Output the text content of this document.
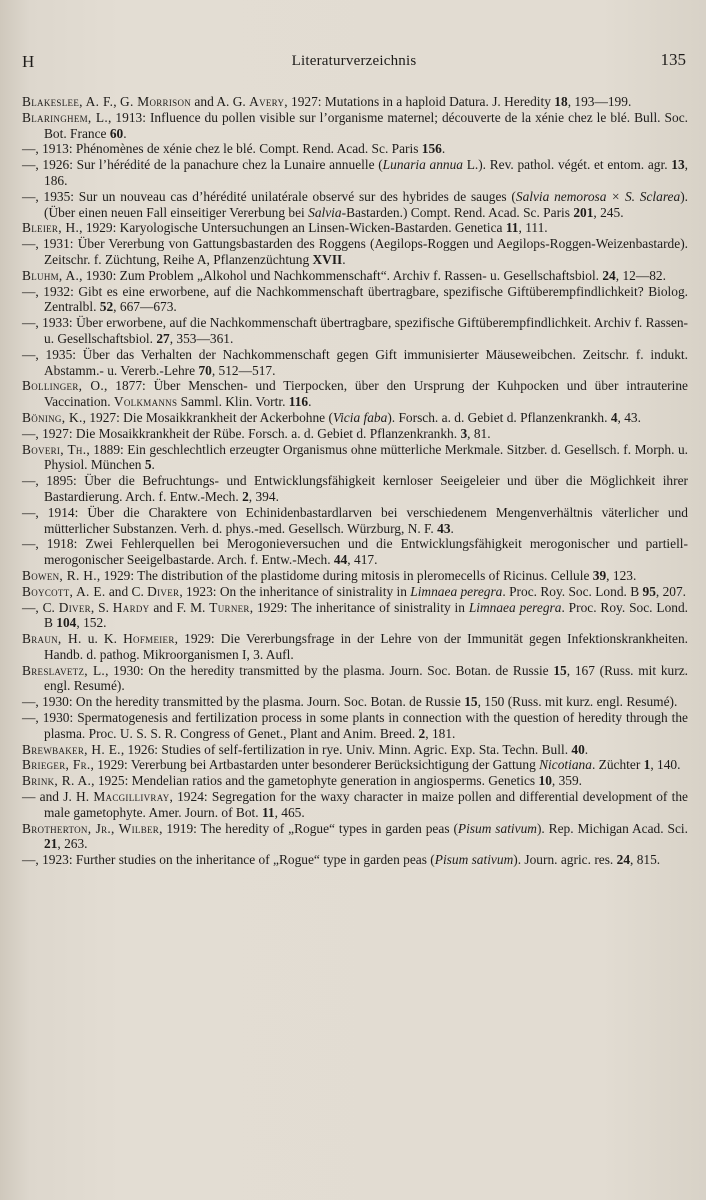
H	Literaturverzeichnis	135

Blakeslee, A. F., G. Morrison and A. G. Avery, 1927: Mutations in a haploid Datura. J. Heredity 18, 193—199.

Blaringhem, L., 1913: Influence du pollen visible sur l’organisme maternel; découverte de la xénie chez le blé. Bull. Soc. Bot. France 60.

—, 1913: Phénomènes de xénie chez le blé. Compt. Rend. Acad. Sc. Paris 156.

—, 1926: Sur l’hérédité de la panachure chez la Lunaire annuelle (Lunaria annua L.). Rev. pathol. végét. et entom. agr. 13, 186.

—, 1935: Sur un nouveau cas d’hérédité unilatérale observé sur des hybrides de sauges (Salvia nemorosa × S. Sclarea). (Über einen neuen Fall einseitiger Vererbung bei Salvia-Bastarden.) Compt. Rend. Acad. Sc. Paris 201, 245.

Bleier, H., 1929: Karyologische Untersuchungen an Linsen-Wicken-Bastarden. Genetica 11, 111.

—, 1931: Über Vererbung von Gattungsbastarden des Roggens (Aegilops-Roggen und Aegilops-Roggen-Weizenbastarde). Zeitschr. f. Züchtung, Reihe A, Pflanzenzüchtung XVII.

Bluhm, A., 1930: Zum Problem „Alkohol und Nachkommenschaft“. Archiv f. Rassen- u. Gesellschaftsbiol. 24, 12—82.

—, 1932: Gibt es eine erworbene, auf die Nachkommenschaft übertragbare, spezifische Giftüberempfindlichkeit? Biolog. Zentralbl. 52, 667—673.

—, 1933: Über erworbene, auf die Nachkommenschaft übertragbare, spezifische Giftüberempfindlichkeit. Archiv f. Rassen- u. Gesellschaftsbiol. 27, 353—361.

—, 1935: Über das Verhalten der Nachkommenschaft gegen Gift immunisierter Mäuseweibchen. Zeitschr. f. indukt. Abstamm.- u. Vererb.-Lehre 70, 512—517.

Bollinger, O., 1877: Über Menschen- und Tierpocken, über den Ursprung der Kuhpocken und über intrauterine Vaccination. Volkmanns Samml. Klin. Vortr. 116.

Böning, K., 1927: Die Mosaikkrankheit der Ackerbohne (Vicia faba). Forsch. a. d. Gebiet d. Pflanzenkrankh. 4, 43.

—, 1927: Die Mosaikkrankheit der Rübe. Forsch. a. d. Gebiet d. Pflanzenkrankh. 3, 81.

Boveri, Th., 1889: Ein geschlechtlich erzeugter Organismus ohne mütterliche Merkmale. Sitzber. d. Gesellsch. f. Morph. u. Physiol. München 5.

—, 1895: Über die Befruchtungs- und Entwicklungsfähigkeit kernloser Seeigeleier und über die Möglichkeit ihrer Bastardierung. Arch. f. Entw.-Mech. 2, 394.

—, 1914: Über die Charaktere von Echinidenbastardlarven bei verschiedenem Mengenverhältnis väterlicher und mütterlicher Substanzen. Verh. d. phys.-med. Gesellsch. Würzburg, N. F. 43.

—, 1918: Zwei Fehlerquellen bei Merogonieversuchen und die Entwicklungsfähigkeit merogonischer und partiell-merogonischer Seeigelbastarde. Arch. f. Entw.-Mech. 44, 417.

Bowen, R. H., 1929: The distribution of the plastidome during mitosis in pleromecells of Ricinus. Cellule 39, 123.

Boycott, A. E. and C. Diver, 1923: On the inheritance of sinistrality in Limnaea peregra. Proc. Roy. Soc. Lond. B 95, 207.

—, C. Diver, S. Hardy and F. M. Turner, 1929: The inheritance of sinistrality in Limnaea peregra. Proc. Roy. Soc. Lond. B 104, 152.

Braun, H. u. K. Hofmeier, 1929: Die Vererbungsfrage in der Lehre von der Immunität gegen Infektionskrankheiten. Handb. d. pathog. Mikroorganismen I, 3. Aufl.

Breslavetz, L., 1930: On the heredity transmitted by the plasma. Journ. Soc. Botan. de Russie 15, 167 (Russ. mit kurz. engl. Resumé).

—, 1930: On the heredity transmitted by the plasma. Journ. Soc. Botan. de Russie 15, 150 (Russ. mit kurz. engl. Resumé).

—, 1930: Spermatogenesis and fertilization process in some plants in connection with the question of heredity through the plasma. Proc. U. S. S. R. Congress of Genet., Plant and Anim. Breed. 2, 181.

Brewbaker, H. E., 1926: Studies of self-fertilization in rye. Univ. Minn. Agric. Exp. Sta. Techn. Bull. 40.

Brieger, Fr., 1929: Vererbung bei Artbastarden unter besonderer Berücksichtigung der Gattung Nicotiana. Züchter 1, 140.

Brink, R. A., 1925: Mendelian ratios and the gametophyte generation in angiosperms. Genetics 10, 359.

— and J. H. Macgillivray, 1924: Segregation for the waxy character in maize pollen and differential development of the male gametophyte. Amer. Journ. of Bot. 11, 465.

Brotherton, Jr., Wilber, 1919: The heredity of „Rogue“ types in garden peas (Pisum sativum). Rep. Michigan Acad. Sci. 21, 263.

—, 1923: Further studies on the inheritance of „Rogue“ type in garden peas (Pisum sativum). Journ. agric. res. 24, 815.
